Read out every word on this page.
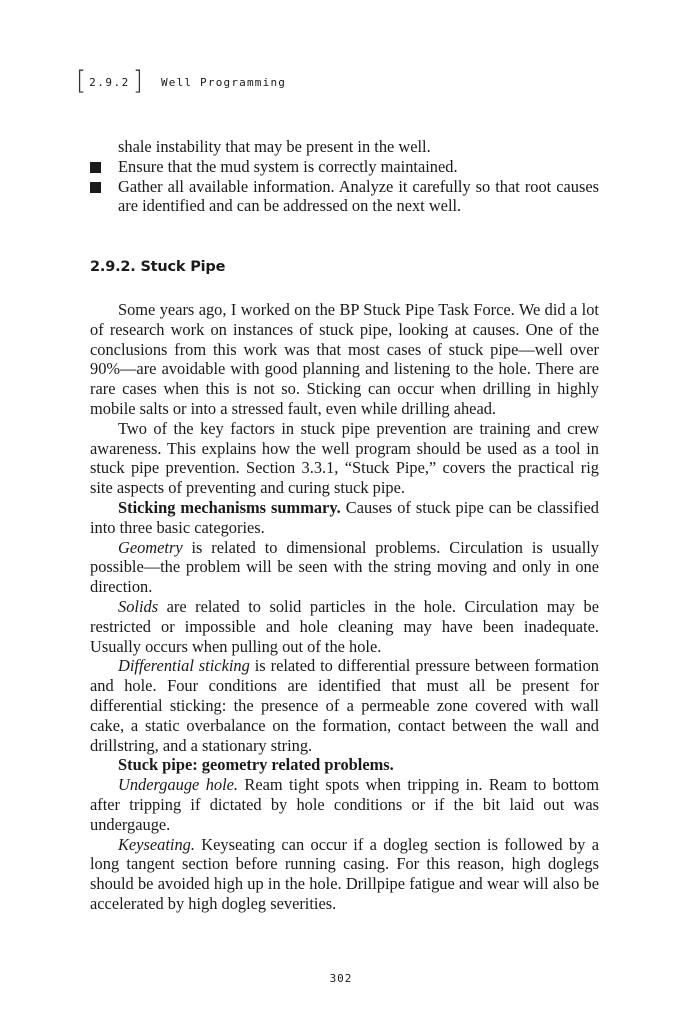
[ 2.9.2 ] Well Programming

shale instability that may be present in the well.

Ensure that the mud system is correctly maintained.
Gather all available information. Analyze it carefully so that root causes are identified and can be addressed on the next well.
2.9.2. Stuck Pipe

Some years ago, I worked on the BP Stuck Pipe Task Force. We did a lot of research work on instances of stuck pipe, looking at causes. One of the conclusions from this work was that most cases of stuck pipe—well over 90%—are avoidable with good planning and listening to the hole. There are rare cases when this is not so. Sticking can occur when drilling in highly mobile salts or into a stressed fault, even while drilling ahead.

Two of the key factors in stuck pipe prevention are training and crew awareness. This explains how the well program should be used as a tool in stuck pipe prevention. Section 3.3.1, “Stuck Pipe,” covers the practical rig site aspects of preventing and curing stuck pipe.

Sticking mechanisms summary. Causes of stuck pipe can be classified into three basic categories.

Geometry is related to dimensional problems. Circulation is usually possible—the problem will be seen with the string moving and only in one direction.

Solids are related to solid particles in the hole. Circulation may be restricted or impossible and hole cleaning may have been inadequate. Usually occurs when pulling out of the hole.

Differential sticking is related to differential pressure between formation and hole. Four conditions are identified that must all be present for differential sticking: the presence of a permeable zone covered with wall cake, a static overbalance on the formation, contact between the wall and drillstring, and a stationary string.

Stuck pipe: geometry related problems.

Undergauge hole. Ream tight spots when tripping in. Ream to bottom after tripping if dictated by hole conditions or if the bit laid out was undergauge.

Keyseating. Keyseating can occur if a dogleg section is followed by a long tangent section before running casing. For this reason, high doglegs should be avoided high up in the hole. Drillpipe fatigue and wear will also be accelerated by high dogleg severities.

302
